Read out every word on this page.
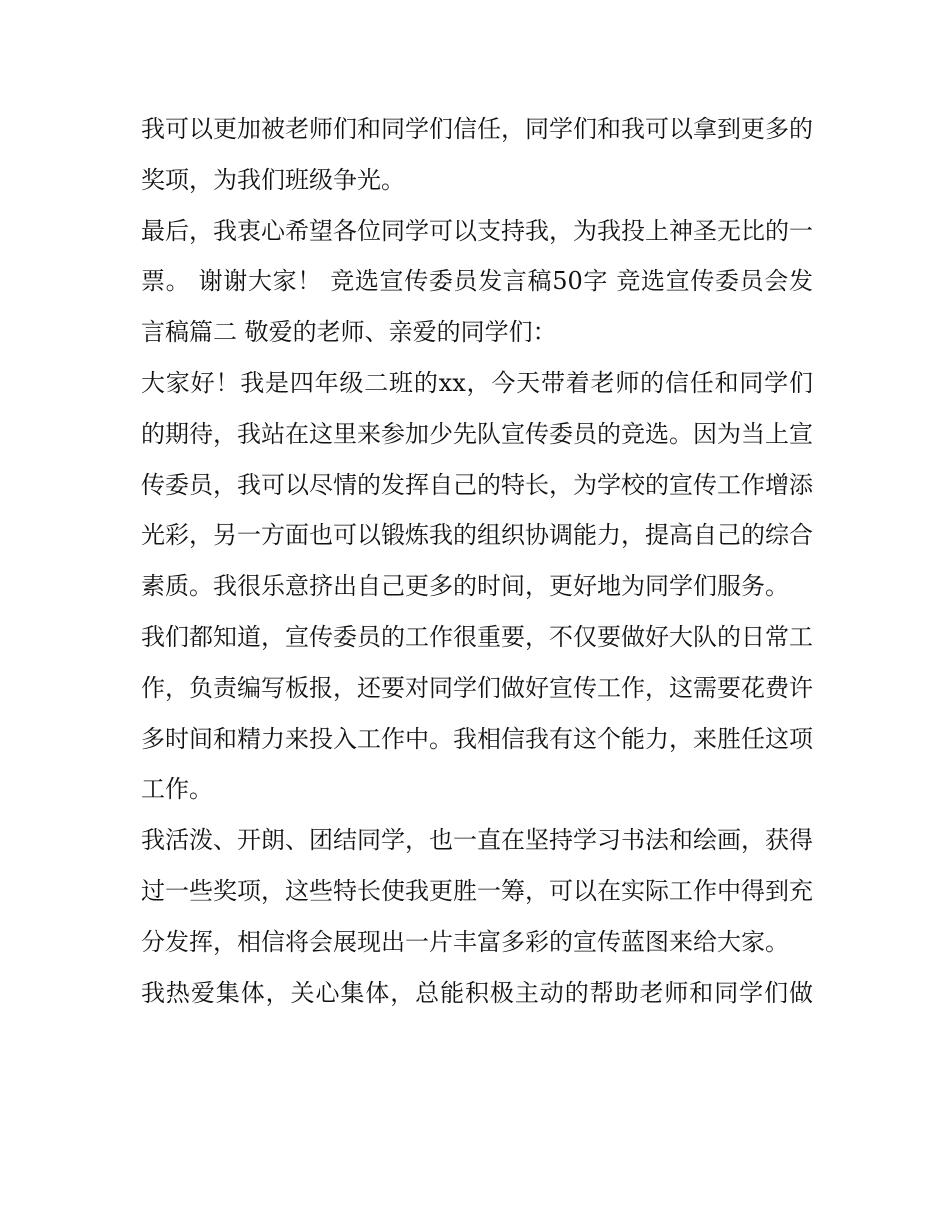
我可以更加被老师们和同学们信任，同学们和我可以拿到更多的奖项，为我们班级争光。

最后，我衷心希望各位同学可以支持我，为我投上神圣无比的一票。 谢谢大家！ 竞选宣传委员发言稿50字 竞选宣传委员会发言稿篇二 敬爱的老师、亲爱的同学们：

大家好！我是四年级二班的xx，今天带着老师的信任和同学们的期待，我站在这里来参加少先队宣传委员的竞选。因为当上宣传委员，我可以尽情的发挥自己的特长，为学校的宣传工作增添光彩，另一方面也可以锻炼我的组织协调能力，提高自己的综合素质。我很乐意挤出自己更多的时间，更好地为同学们服务。

我们都知道，宣传委员的工作很重要，不仅要做好大队的日常工作，负责编写板报，还要对同学们做好宣传工作，这需要花费许多时间和精力来投入工作中。我相信我有这个能力，来胜任这项工作。

我活泼、开朗、团结同学，也一直在坚持学习书法和绘画，获得过一些奖项，这些特长使我更胜一筹，可以在实际工作中得到充分发挥，相信将会展现出一片丰富多彩的宣传蓝图来给大家。

我热爱集体，关心集体，总能积极主动的帮助老师和同学们做
